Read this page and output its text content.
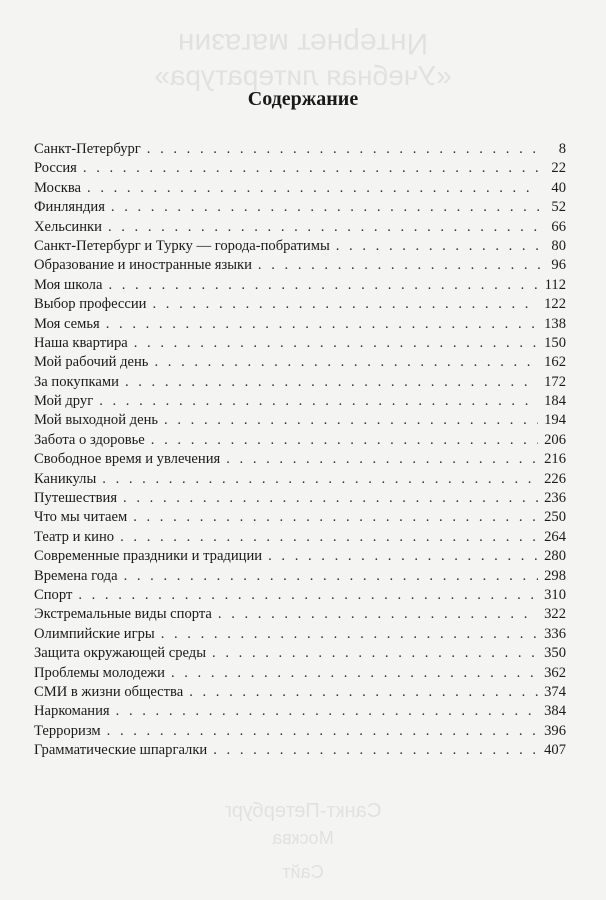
Интернет магазин
«Учебная литература»
Санкт-Петербург
Москва
Сайт
Содержание
Санкт-Петербург . . .	8
Россия . . .	22
Москва . . .	40
Финляндия . . .	52
Хельсинки . . .	66
Санкт-Петербург и Турку — города-побратимы . . .	80
Образование и иностранные языки . . .	96
Моя школа . . .	112
Выбор профессии . . .	122
Моя семья . . .	138
Наша квартира . . .	150
Мой рабочий день . . .	162
За покупками . . .	172
Мой друг . . .	184
Мой выходной день . . .	194
Забота о здоровье . . .	206
Свободное время и увлечения . . .	216
Каникулы . . .	226
Путешествия . . .	236
Что мы читаем . . .	250
Театр и кино . . .	264
Современные праздники и традиции . . .	280
Времена года . . .	298
Спорт . . .	310
Экстремальные виды спорта . . .	322
Олимпийские игры . . .	336
Защита окружающей среды . . .	350
Проблемы молодежи . . .	362
СМИ в жизни общества . . .	374
Наркомания . . .	384
Терроризм . . .	396
Грамматические шпаргалки . . .	407
